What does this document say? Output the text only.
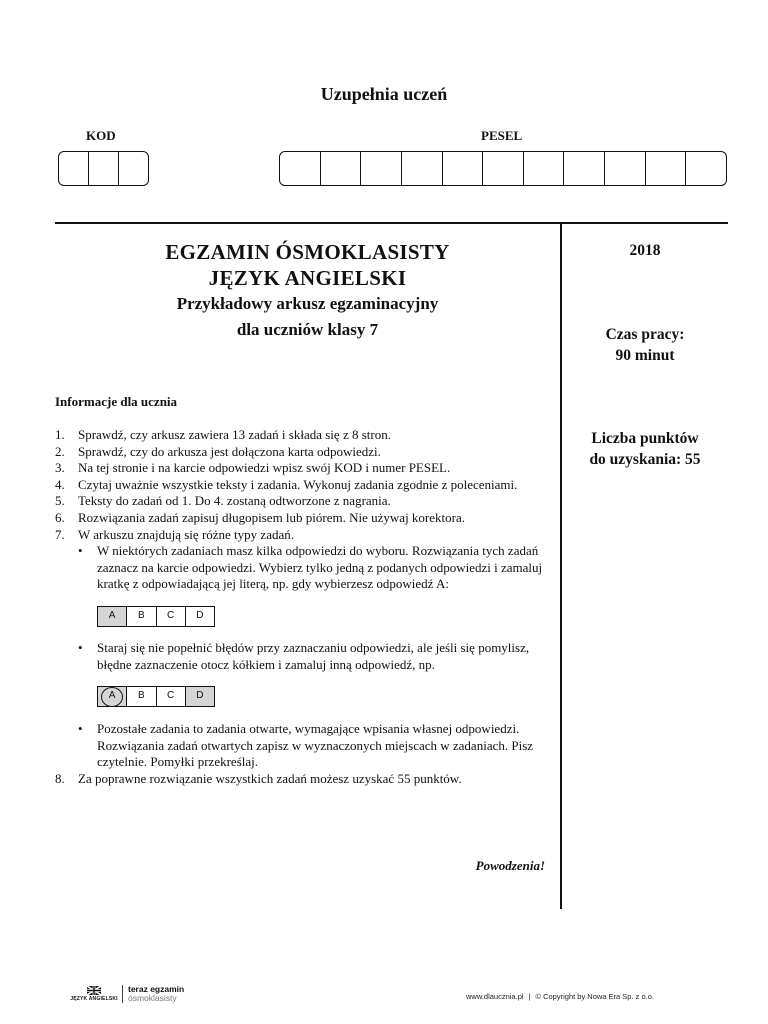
Uzupełnia uczeń
KOD	PESEL
EGZAMIN ÓSMOKLASISTY
JĘZYK ANGIELSKI
Przykładowy arkusz egzaminacyjny
dla uczniów klasy 7
2018
Czas pracy:
90 minut
Liczba punktów
do uzyskania: 55
Informacje dla ucznia
1.	Sprawdź, czy arkusz zawiera 13 zadań i składa się z 8 stron.
2.	Sprawdź, czy do arkusza jest dołączona karta odpowiedzi.
3.	Na tej stronie i na karcie odpowiedzi wpisz swój KOD i numer PESEL.
4.	Czytaj uważnie wszystkie teksty i zadania. Wykonuj zadania zgodnie z poleceniami.
5.	Teksty do zadań od 1. Do 4. zostaną odtworzone z nagrania.
6.	Rozwiązania zadań zapisuj długopisem lub piórem. Nie używaj korektora.
7.	W arkuszu znajdują się różne typy zadań.
•	W niektórych zadaniach masz kilka odpowiedzi do wyboru. Rozwiązania tych zadań zaznacz na karcie odpowiedzi. Wybierz tylko jedną z podanych odpowiedzi i zamaluj kratkę z odpowiadającą jej literą, np. gdy wybierzesz odpowiedź A:
A	B	C	D
•	Staraj się nie popełnić błędów przy zaznaczaniu odpowiedzi, ale jeśli się pomylisz, błędne zaznaczenie otocz kółkiem i zamaluj inną odpowiedź, np.
A	B	C	D
•	Pozostałe zadania to zadania otwarte, wymagające wpisania własnej odpowiedzi. Rozwiązania zadań otwartych zapisz w wyznaczonych miejscach w zadaniach. Pisz czytelnie. Pomyłki przekreślaj.
8.	Za poprawne rozwiązanie wszystkich zadań możesz uzyskać 55 punktów.
Powodzenia!
JĘZYK ANGIELSKI
teraz egzamin
ósmoklasisty	www.dlaucznia.pl | © Copyright by Nowa Era Sp. z o.o.
